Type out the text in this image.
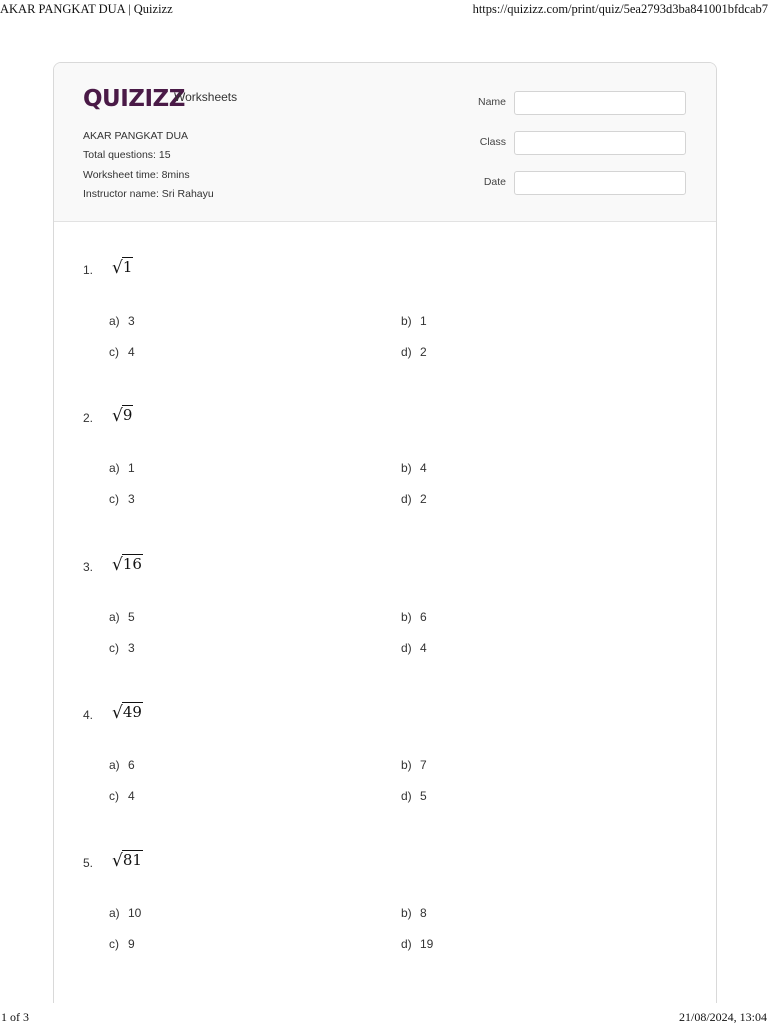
AKAR PANGKAT DUA | Quizizz	https://quizizz.com/print/quiz/5ea2793d3ba841001bfdcab7
QUIZIZZ
Worksheets
AKAR PANGKAT DUA
Total questions: 15
Worksheet time: 8mins
Instructor name: Sri Rahayu
Name
Class
Date
1. √1
a) 3	b) 1
c) 4	d) 2
2. √9
a) 1	b) 4
c) 3	d) 2
3. √16
a) 5	b) 6
c) 3	d) 4
4. √49
a) 6	b) 7
c) 4	d) 5
5. √81
a) 10	b) 8
c) 9	d) 19
1 of 3	21/08/2024, 13:04
